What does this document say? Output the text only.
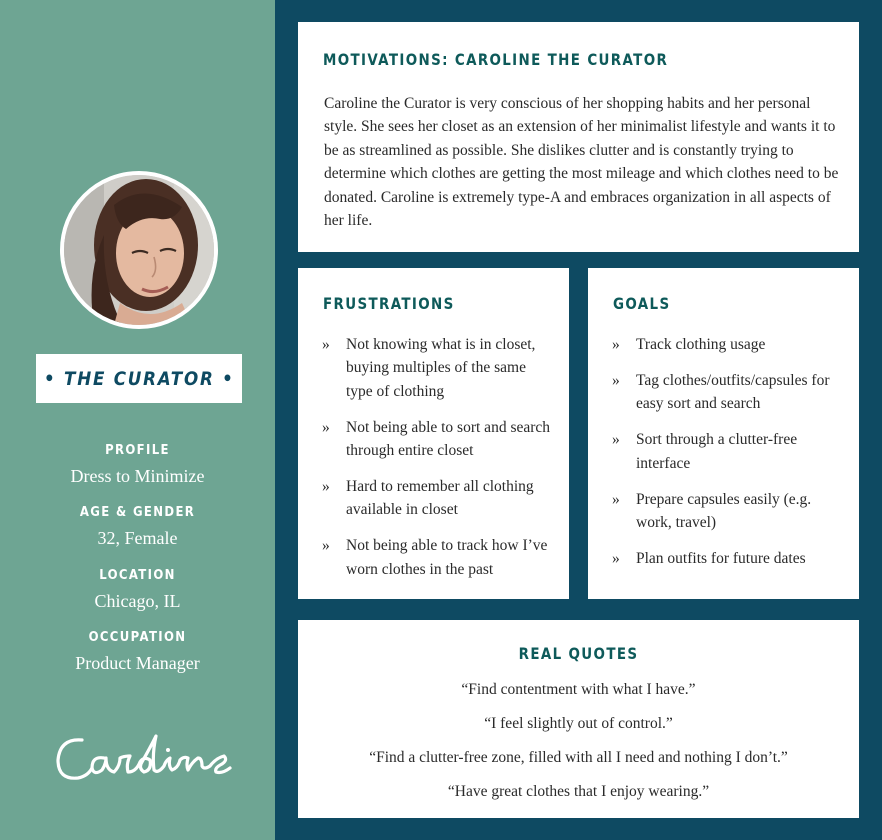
• THE CURATOR •
PROFILE
Dress to Minimize
AGE & GENDER
32, Female
LOCATION
Chicago, IL
OCCUPATION
Product Manager
MOTIVATIONS: CAROLINE THE CURATOR

Caroline the Curator is very conscious of her shopping habits and her personal style. She sees her closet as an extension of her minimalist lifestyle and wants it to be as streamlined as possible. She dislikes clutter and is constantly trying to determine which clothes are getting the most mileage and which clothes need to be donated. Caroline is extremely type-A and embraces organization in all aspects of her life.

FRUSTRATIONS
» Not knowing what is in closet, buying multiples of the same type of clothing
» Not being able to sort and search through entire closet
» Hard to remember all clothing available in closet
» Not being able to track how I’ve worn clothes in the past
GOALS
» Track clothing usage
» Tag clothes/outfits/capsules for easy sort and search
» Sort through a clutter-free interface
» Prepare capsules easily (e.g. work, travel)
» Plan outfits for future dates
REAL QUOTES
“Find contentment with what I have.”
“I feel slightly out of control.”
“Find a clutter-free zone, filled with all I need and nothing I don’t.”
“Have great clothes that I enjoy wearing.”
